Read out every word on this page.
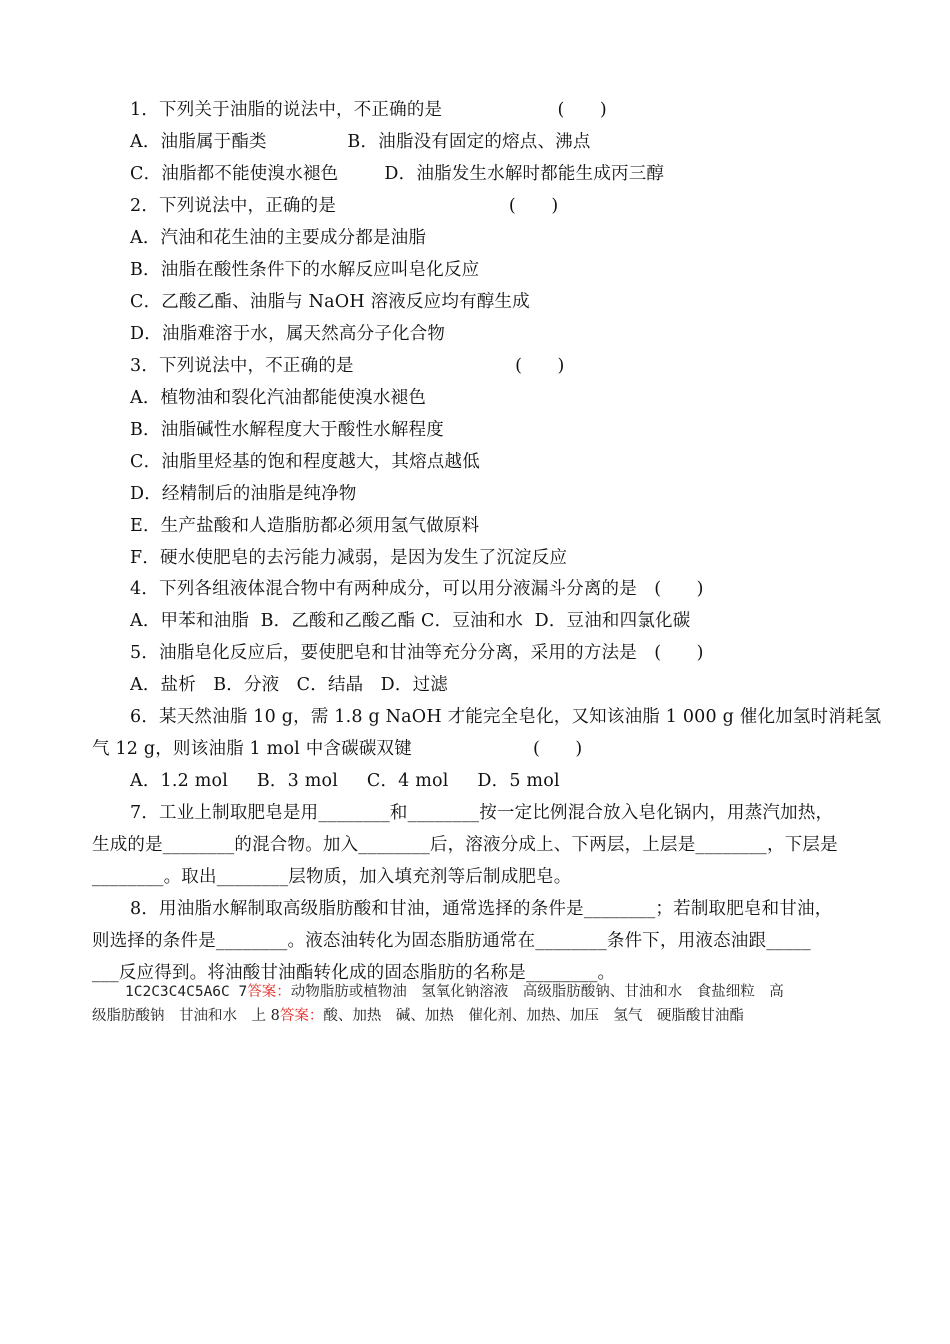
1．下列关于油脂的说法中，不正确的是                    (　　)
A．油脂属于酯类              B．油脂没有固定的熔点、沸点
C．油脂都不能使溴水褪色        D．油脂发生水解时都能生成丙三醇
2．下列说法中，正确的是                              (　　)
A．汽油和花生油的主要成分都是油脂
B．油脂在酸性条件下的水解反应叫皂化反应
C．乙酸乙酯、油脂与 NaOH 溶液反应均有醇生成
D．油脂难溶于水，属天然高分子化合物
3．下列说法中，不正确的是                            (　　)
A．植物油和裂化汽油都能使溴水褪色
B．油脂碱性水解程度大于酸性水解程度
C．油脂里烃基的饱和程度越大，其熔点越低
D．经精制后的油脂是纯净物
E．生产盐酸和人造脂肪都必须用氢气做原料
F．硬水使肥皂的去污能力减弱，是因为发生了沉淀反应
4．下列各组液体混合物中有两种成分，可以用分液漏斗分离的是   (　　)
A．甲苯和油脂  B．乙酸和乙酸乙酯 C．豆油和水  D．豆油和四氯化碳
5．油脂皂化反应后，要使肥皂和甘油等充分分离，采用的方法是   (　　)
A．盐析   B．分液   C．结晶   D．过滤
6．某天然油脂 10 g，需 1.8 g NaOH 才能完全皂化，又知该油脂 1 000 g 催化加氢时消耗氢
气 12 g，则该油脂 1 mol 中含碳碳双键                     (　　)
A．1.2 mol     B．3 mol     C．4 mol     D．5 mol
7．工业上制取肥皂是用________和________按一定比例混合放入皂化锅内，用蒸汽加热，
生成的是________的混合物。加入________后，溶液分成上、下两层，上层是________，下层是
________。取出________层物质，加入填充剂等后制成肥皂。
8．用油脂水解制取高级脂肪酸和甘油，通常选择的条件是________；若制取肥皂和甘油，
则选择的条件是________。液态油转化为固态脂肪通常在________条件下，用液态油跟_____
___反应得到。将油酸甘油酯转化成的固态脂肪的名称是________。
1C2C3C4C5A6C 7答案：动物脂肪或植物油　氢氧化钠溶液　高级脂肪酸钠、甘油和水　食盐细粒　高
级脂肪酸钠　甘油和水　上 8答案：酸、加热　碱、加热　催化剂、加热、加压　氢气　硬脂酸甘油酯
